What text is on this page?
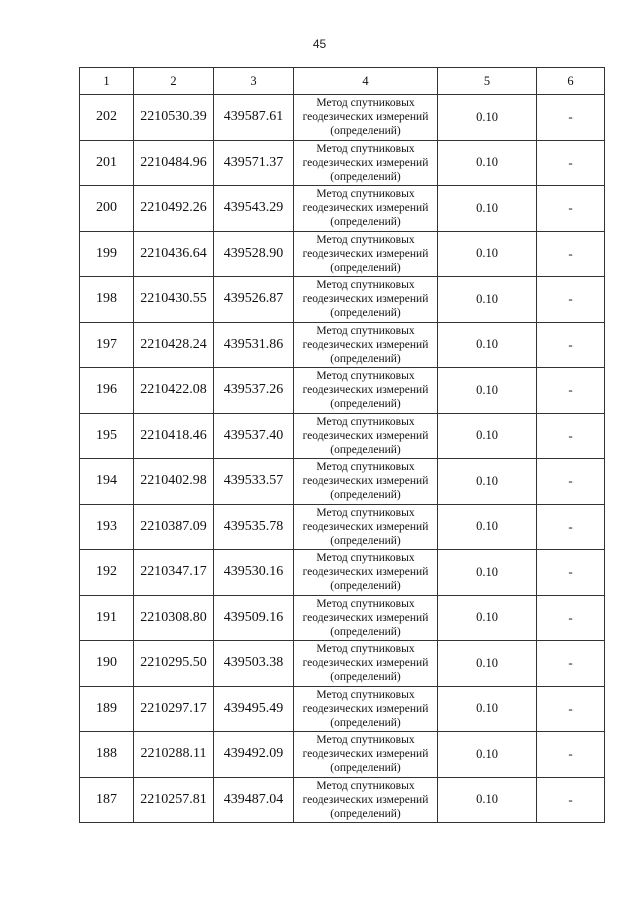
45
1	2	3	4	5	6
202	2210530.39	439587.61	Метод спутниковых
геодезических измерений
(определений)	0.10	-
201	2210484.96	439571.37	Метод спутниковых
геодезических измерений
(определений)	0.10	-
200	2210492.26	439543.29	Метод спутниковых
геодезических измерений
(определений)	0.10	-
199	2210436.64	439528.90	Метод спутниковых
геодезических измерений
(определений)	0.10	-
198	2210430.55	439526.87	Метод спутниковых
геодезических измерений
(определений)	0.10	-
197	2210428.24	439531.86	Метод спутниковых
геодезических измерений
(определений)	0.10	-
196	2210422.08	439537.26	Метод спутниковых
геодезических измерений
(определений)	0.10	-
195	2210418.46	439537.40	Метод спутниковых
геодезических измерений
(определений)	0.10	-
194	2210402.98	439533.57	Метод спутниковых
геодезических измерений
(определений)	0.10	-
193	2210387.09	439535.78	Метод спутниковых
геодезических измерений
(определений)	0.10	-
192	2210347.17	439530.16	Метод спутниковых
геодезических измерений
(определений)	0.10	-
191	2210308.80	439509.16	Метод спутниковых
геодезических измерений
(определений)	0.10	-
190	2210295.50	439503.38	Метод спутниковых
геодезических измерений
(определений)	0.10	-
189	2210297.17	439495.49	Метод спутниковых
геодезических измерений
(определений)	0.10	-
188	2210288.11	439492.09	Метод спутниковых
геодезических измерений
(определений)	0.10	-
187	2210257.81	439487.04	Метод спутниковых
геодезических измерений
(определений)	0.10	-
